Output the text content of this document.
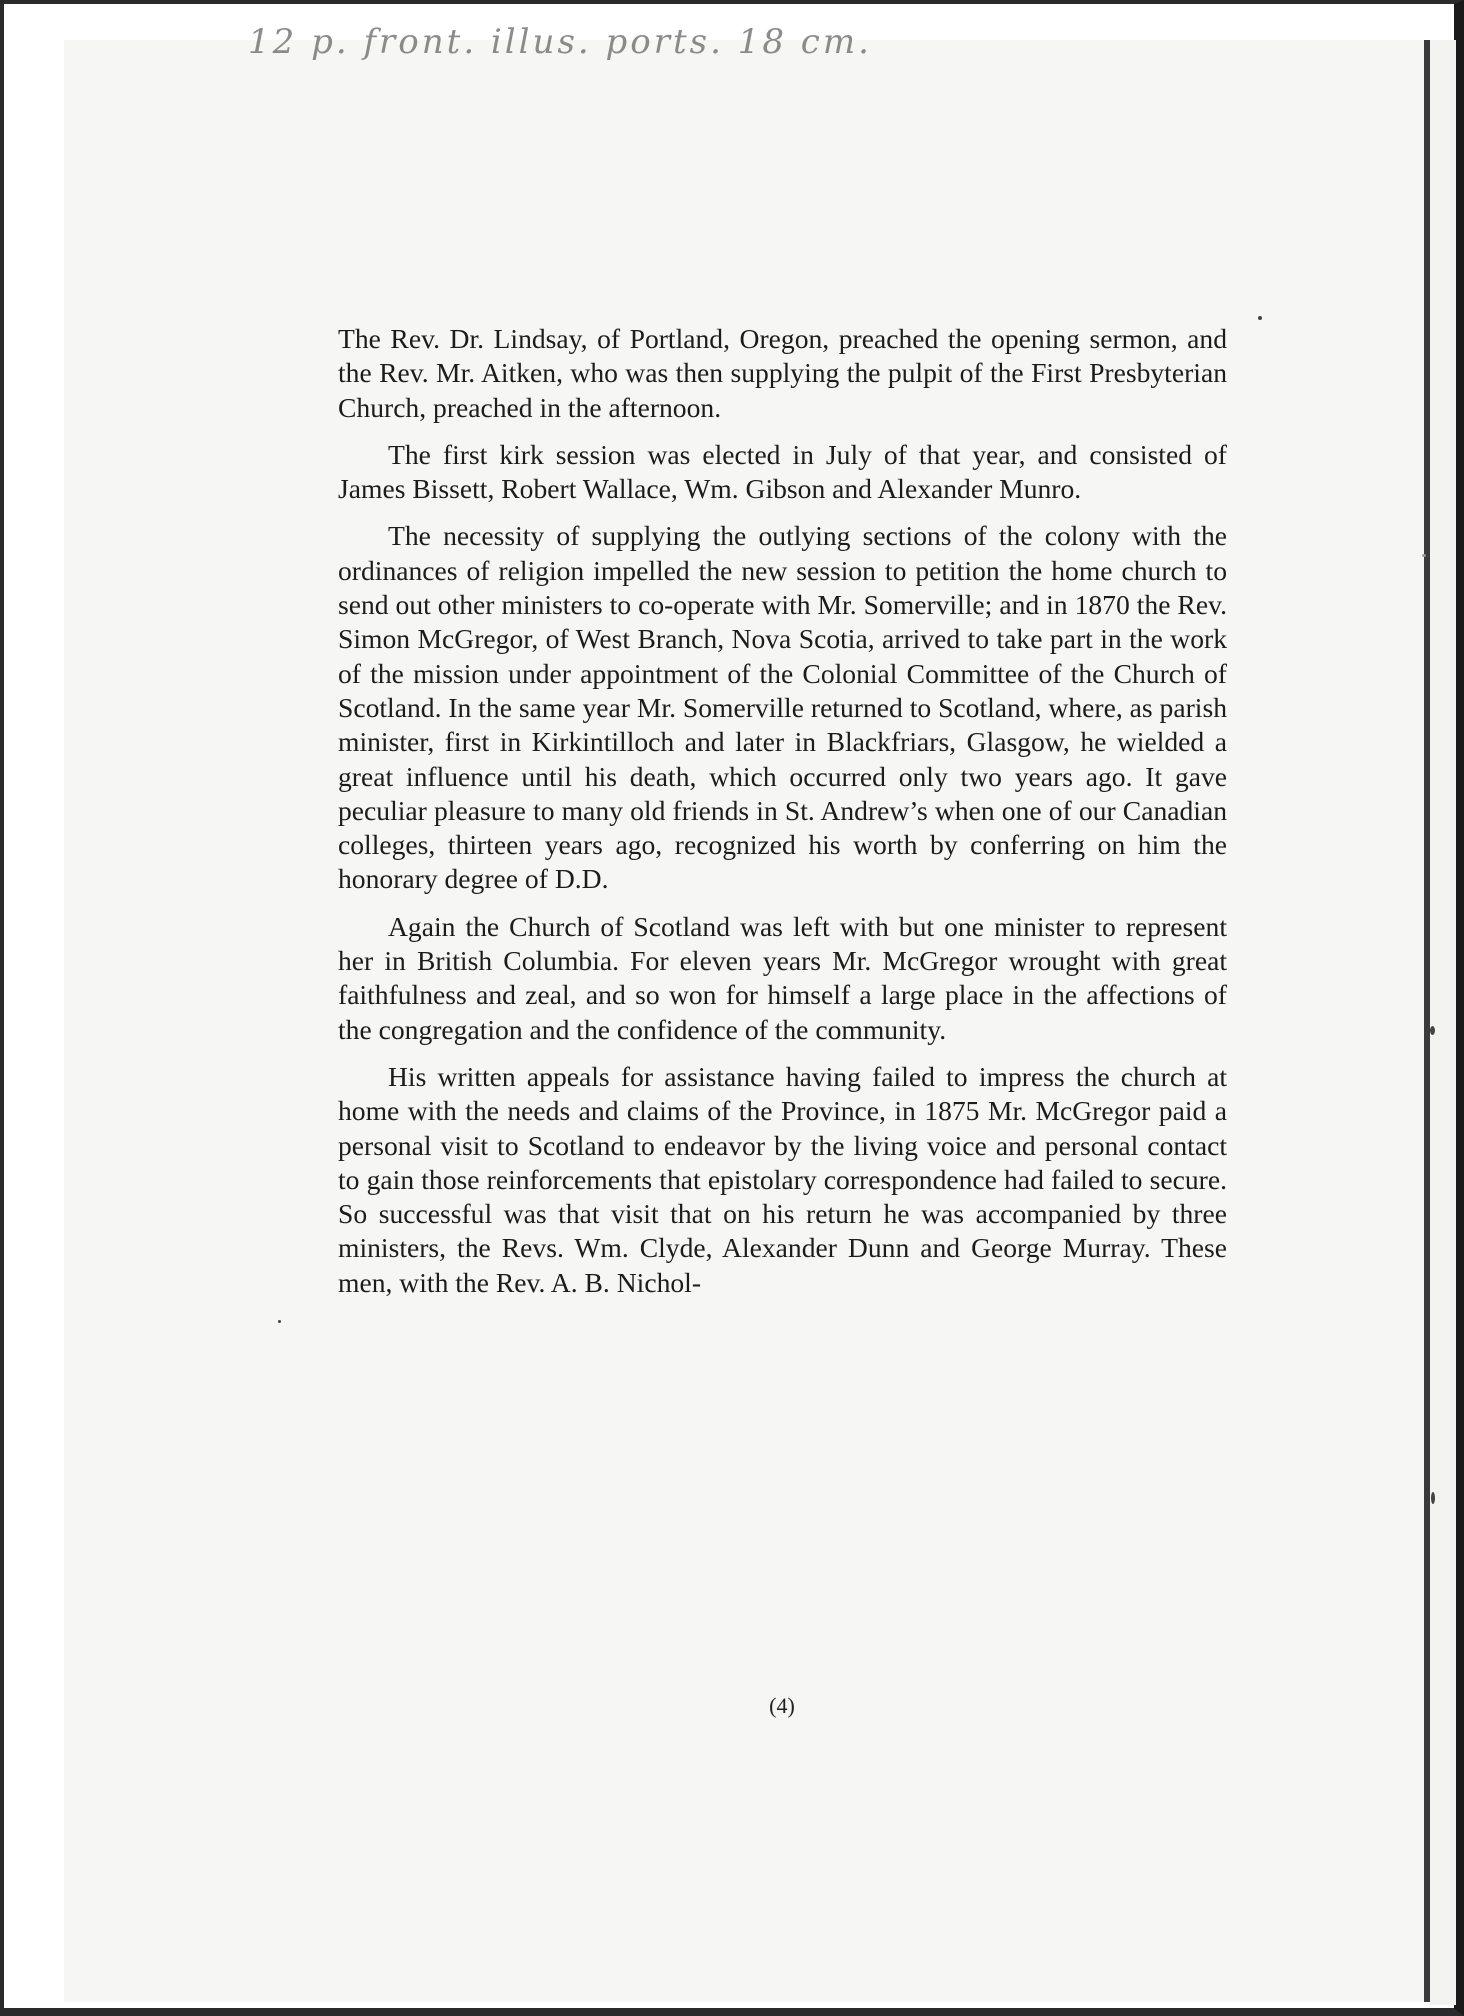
12 p. front. illus. ports. 18 cm.

The Rev. Dr. Lindsay, of Portland, Oregon, preached the opening sermon, and the Rev. Mr. Aitken, who was then supplying the pulpit of the First Presbyterian Church, preached in the afternoon.

The first kirk session was elected in July of that year, and consisted of James Bissett, Robert Wallace, Wm. Gibson and Alexander Munro.

The necessity of supplying the outlying sections of the colony with the ordinances of religion impelled the new session to petition the home church to send out other ministers to co-operate with Mr. Somerville; and in 1870 the Rev. Simon McGregor, of West Branch, Nova Scotia, arrived to take part in the work of the mission under appointment of the Colonial Committee of the Church of Scotland. In the same year Mr. Somerville returned to Scotland, where, as parish minister, first in Kirkintilloch and later in Blackfriars, Glasgow, he wielded a great influence until his death, which occurred only two years ago. It gave peculiar pleasure to many old friends in St. Andrew’s when one of our Canadian colleges, thirteen years ago, recognized his worth by conferring on him the honorary degree of D.D.

Again the Church of Scotland was left with but one minister to represent her in British Columbia. For eleven years Mr. McGregor wrought with great faithfulness and zeal, and so won for himself a large place in the affections of the congregation and the confidence of the community.

His written appeals for assistance having failed to impress the church at home with the needs and claims of the Province, in 1875 Mr. McGregor paid a personal visit to Scotland to endeavor by the living voice and personal contact to gain those reinforcements that epistolary correspondence had failed to secure. So successful was that visit that on his return he was accompanied by three ministers, the Revs. Wm. Clyde, Alexander Dunn and George Murray. These men, with the Rev. A. B. Nichol-

(4)
